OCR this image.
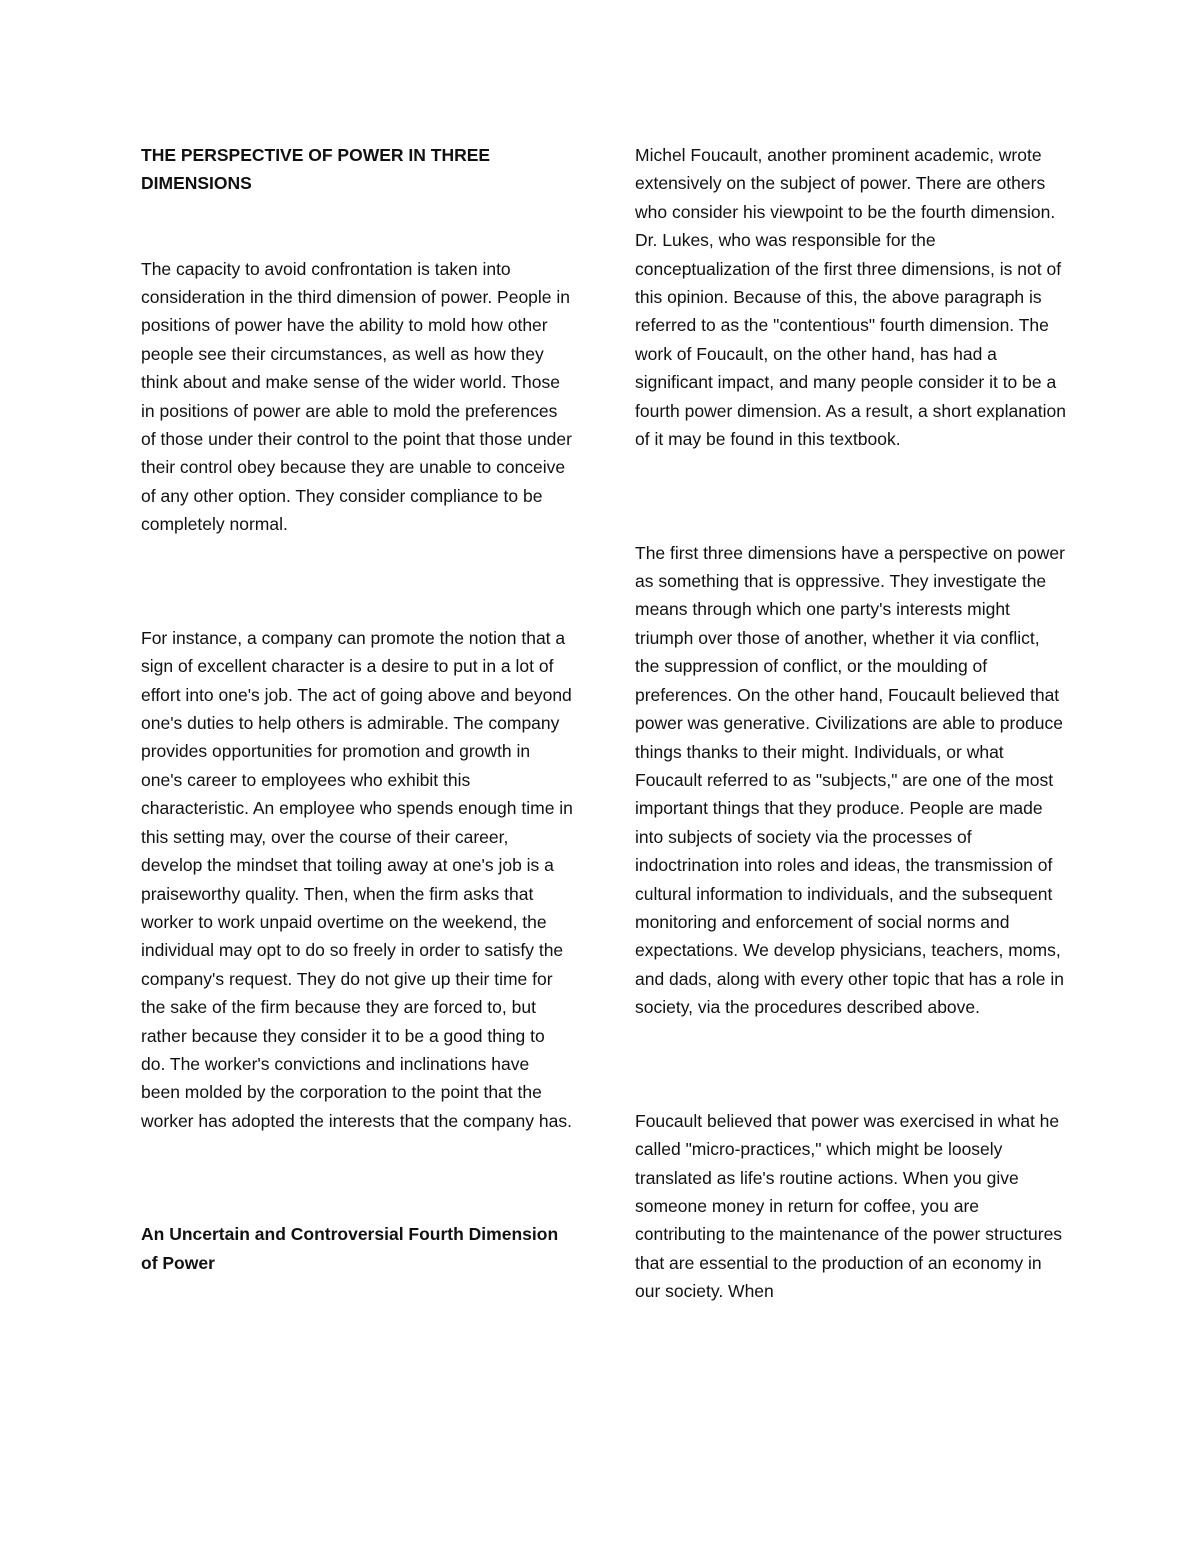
THE PERSPECTIVE OF POWER IN THREE DIMENSIONS

The capacity to avoid confrontation is taken into consideration in the third dimension of power. People in positions of power have the ability to mold how other people see their circumstances, as well as how they think about and make sense of the wider world. Those in positions of power are able to mold the preferences of those under their control to the point that those under their control obey because they are unable to conceive of any other option. They consider compliance to be completely normal.

For instance, a company can promote the notion that a sign of excellent character is a desire to put in a lot of effort into one's job. The act of going above and beyond one's duties to help others is admirable. The company provides opportunities for promotion and growth in one's career to employees who exhibit this characteristic. An employee who spends enough time in this setting may, over the course of their career, develop the mindset that toiling away at one's job is a praiseworthy quality. Then, when the firm asks that worker to work unpaid overtime on the weekend, the individual may opt to do so freely in order to satisfy the company's request. They do not give up their time for the sake of the firm because they are forced to, but rather because they consider it to be a good thing to do. The worker's convictions and inclinations have been molded by the corporation to the point that the worker has adopted the interests that the company has.

An Uncertain and Controversial Fourth Dimension of Power

Michel Foucault, another prominent academic, wrote extensively on the subject of power. There are others who consider his viewpoint to be the fourth dimension. Dr. Lukes, who was responsible for the conceptualization of the first three dimensions, is not of this opinion. Because of this, the above paragraph is referred to as the "contentious" fourth dimension. The work of Foucault, on the other hand, has had a significant impact, and many people consider it to be a fourth power dimension. As a result, a short explanation of it may be found in this textbook.

The first three dimensions have a perspective on power as something that is oppressive. They investigate the means through which one party's interests might triumph over those of another, whether it via conflict, the suppression of conflict, or the moulding of preferences. On the other hand, Foucault believed that power was generative. Civilizations are able to produce things thanks to their might. Individuals, or what Foucault referred to as "subjects," are one of the most important things that they produce. People are made into subjects of society via the processes of indoctrination into roles and ideas, the transmission of cultural information to individuals, and the subsequent monitoring and enforcement of social norms and expectations. We develop physicians, teachers, moms, and dads, along with every other topic that has a role in society, via the procedures described above.

Foucault believed that power was exercised in what he called "micro-practices," which might be loosely translated as life's routine actions. When you give someone money in return for coffee, you are contributing to the maintenance of the power structures that are essential to the production of an economy in our society. When
